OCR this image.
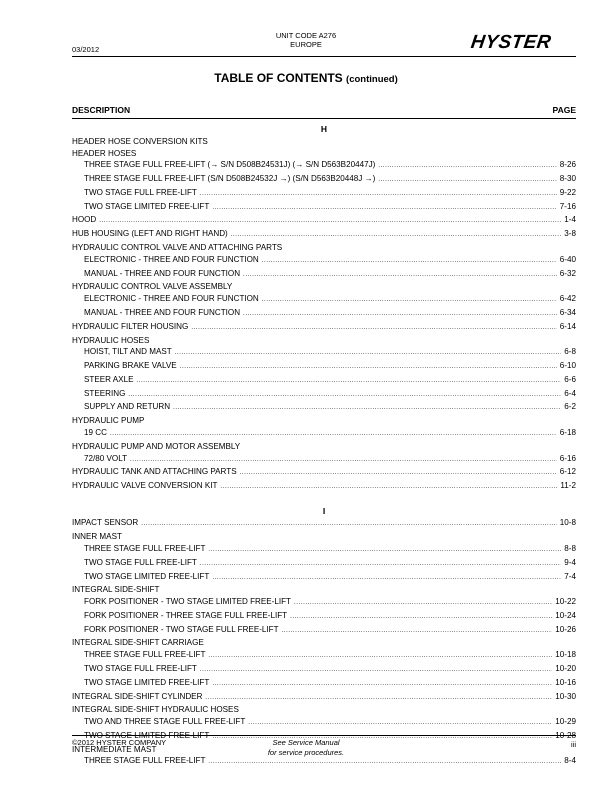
03/2012
UNIT CODE A276
EUROPE	HYSTER
TABLE OF CONTENTS (continued)
DESCRIPTION	PAGE
H
HEADER HOSE CONVERSION KITS
HEADER HOSES
THREE STAGE FULL FREE-LIFT (→ S/N D508B24531J) (→ S/N D563B20447J) .....	8-26
THREE STAGE FULL FREE-LIFT (S/N D508B24532J →) (S/N D563B20448J →) .....	8-30
TWO STAGE FULL FREE-LIFT .....	9-22
TWO STAGE LIMITED FREE-LIFT .....	7-16
HOOD .....	1-4
HUB HOUSING (LEFT AND RIGHT HAND) .....	3-8
HYDRAULIC CONTROL VALVE AND ATTACHING PARTS
ELECTRONIC - THREE AND FOUR FUNCTION .....	6-40
MANUAL - THREE AND FOUR FUNCTION .....	6-32
HYDRAULIC CONTROL VALVE ASSEMBLY
ELECTRONIC - THREE AND FOUR FUNCTION .....	6-42
MANUAL - THREE AND FOUR FUNCTION .....	6-34
HYDRAULIC FILTER HOUSING .....	6-14
HYDRAULIC HOSES
HOIST, TILT AND MAST .....	6-8
PARKING BRAKE VALVE .....	6-10
STEER AXLE .....	6-6
STEERING .....	6-4
SUPPLY AND RETURN .....	6-2
HYDRAULIC PUMP
19 CC .....	6-18
HYDRAULIC PUMP AND MOTOR ASSEMBLY
72/80 VOLT .....	6-16
HYDRAULIC TANK AND ATTACHING PARTS .....	6-12
HYDRAULIC VALVE CONVERSION KIT .....	11-2
I
IMPACT SENSOR .....	10-8
INNER MAST
THREE STAGE FULL FREE-LIFT .....	8-8
TWO STAGE FULL FREE-LIFT .....	9-4
TWO STAGE LIMITED FREE-LIFT .....	7-4
INTEGRAL SIDE-SHIFT
FORK POSITIONER - TWO STAGE LIMITED FREE-LIFT .....	10-22
FORK POSITIONER - THREE STAGE FULL FREE-LIFT .....	10-24
FORK POSITIONER - TWO STAGE FULL FREE-LIFT .....	10-26
INTEGRAL SIDE-SHIFT CARRIAGE
THREE STAGE FULL FREE-LIFT .....	10-18
TWO STAGE FULL FREE-LIFT .....	10-20
TWO STAGE LIMITED FREE-LIFT .....	10-16
INTEGRAL SIDE-SHIFT CYLINDER .....	10-30
INTEGRAL SIDE-SHIFT HYDRAULIC HOSES
TWO AND THREE STAGE FULL FREE-LIFT .....	10-29
TWO STAGE LIMITED FREE-LIFT .....	10-28
INTERMEDIATE MAST
THREE STAGE FULL FREE-LIFT .....	8-4
©2012 HYSTER COMPANY	See Service Manual
for service procedures.
iii
